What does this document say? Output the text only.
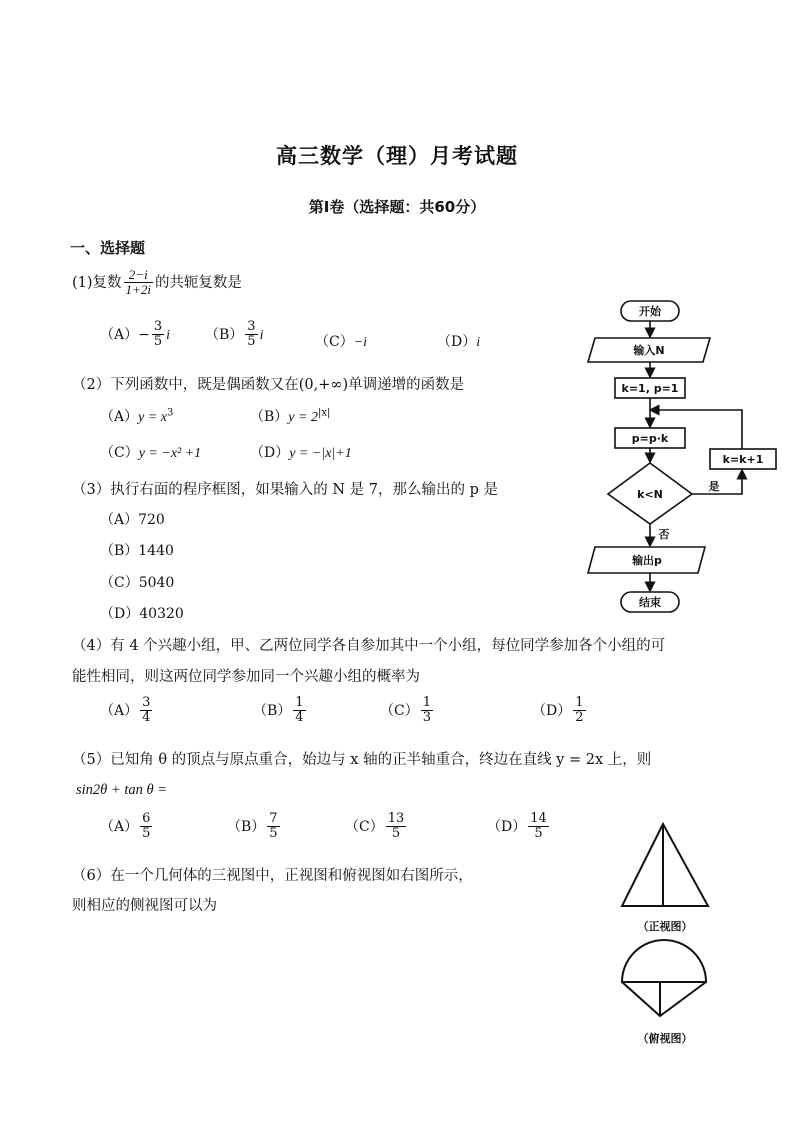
高三数学（理）月考试题
第Ⅰ卷（选择题：共60分）
一、选择题
(1)复数 $\frac{2-i}{1+2i}$ 的共轭复数是
$(A)- \frac{3}{5}$ i $(B) \frac{3}{5}$ i	（C）−i	（D）i
（2）下列函数中，既是偶函数又在(0,+∞)单调递增的函数是
$(A)y = x^3$	$(B)y = 2^{|x|}$
（C）y = −x² +1	（D）y = −|x|+1
（3）执行右面的程序框图，如果输入的 N 是 7，那么输出的 p 是
（A）720
（B）1440
（C）5040
（D）40320
开始
输入N
k=1, p=1
p=p·k
k<N
k=k+1
是
否
输出p
结束
（4）有 4 个兴趣小组，甲、乙两位同学各自参加其中一个小组，每位同学参加各个小组的可
能性相同，则这两位同学参加同一个兴趣小组的概率为
$(A) \frac{3}{4}$	$(B) \frac{1}{4}$	$(C) \frac{1}{3}$	$(D) \frac{1}{2}$
（5）已知角 θ 的顶点与原点重合，始边与 x 轴的正半轴重合，终边在直线 y = 2x 上，则
sin2θ + tan θ =
$(A) \frac{6}{5}$	$(B) \frac{7}{5}$	$(C) \frac{13}{5}$	$(D) \frac{14}{5}$
（6）在一个几何体的三视图中，正视图和俯视图如右图所示，
则相应的侧视图可以为
（正视图）
（俯视图）
